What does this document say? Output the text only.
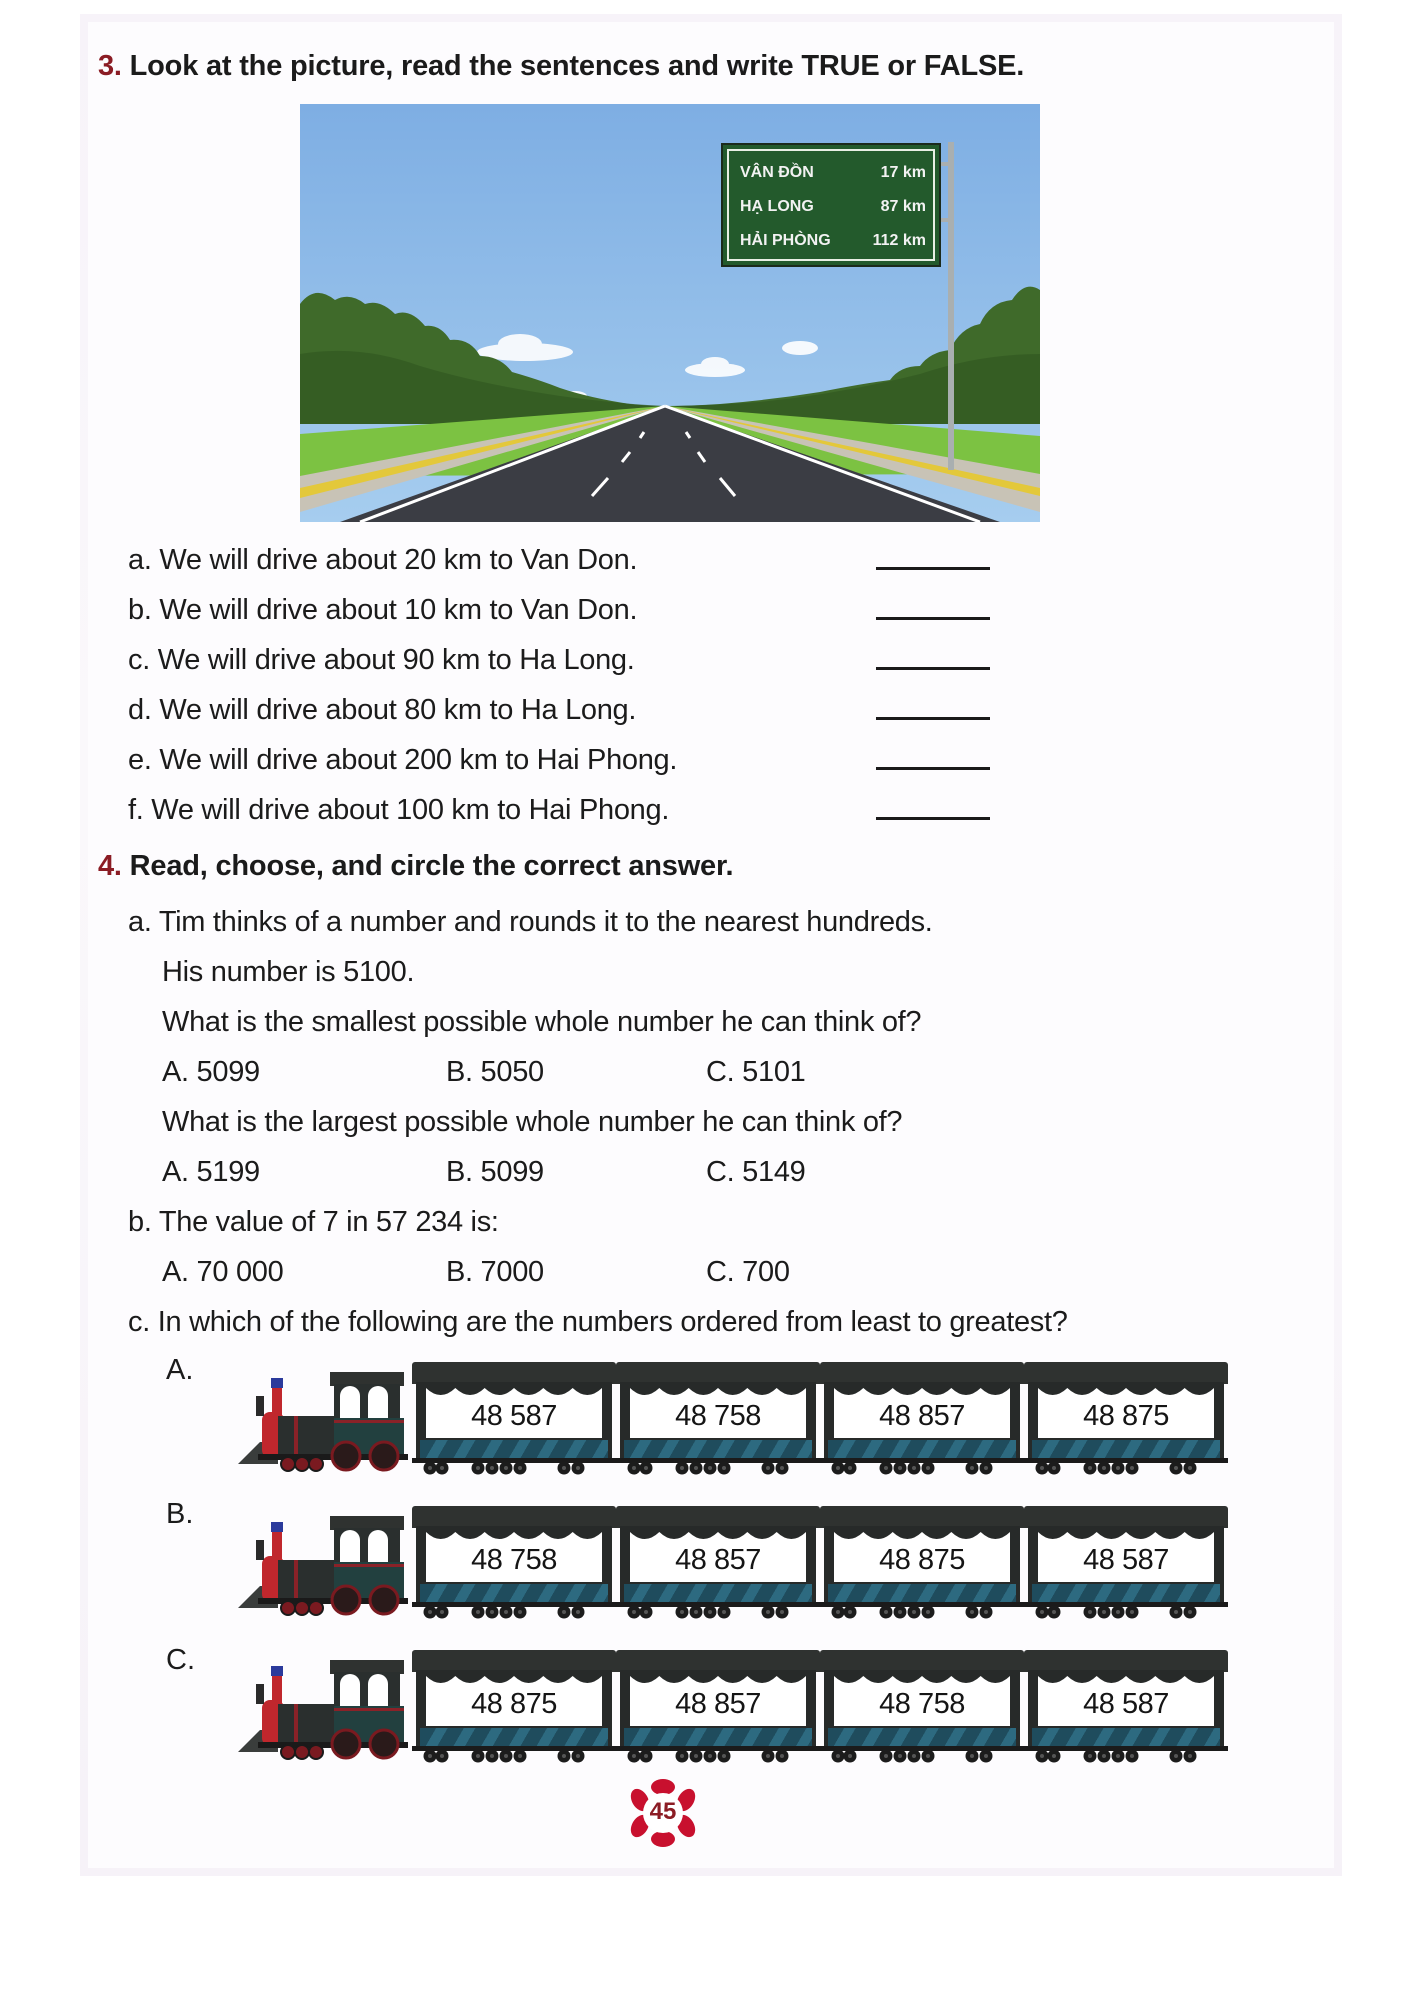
3. Look at the picture, read the sentences and write TRUE or FALSE.
VÂN ĐỒN	17 km
HẠ LONG	87 km
HẢI PHÒNG	112 km
a. We will drive about 20 km to Van Don.
b. We will drive about 10 km to Van Don.
c. We will drive about 90 km to Ha Long.
d. We will drive about 80 km to Ha Long.
e. We will drive about 200 km to Hai Phong.
f. We will drive about 100 km to Hai Phong.
4. Read, choose, and circle the correct answer.
a. Tim thinks of a number and rounds it to the nearest hundreds.
His number is 5100.
What is the smallest possible whole number he can think of?
A. 5099	B. 5050	C. 5101
What is the largest possible whole number he can think of?
A. 5199	B. 5099	C. 5149
b. The value of 7 in 57 234 is:
A. 70 000	B. 7000	C. 700
c. In which of the following are the numbers ordered from least to greatest?
A.
48 587	48 758	48 857	48 875
B.
48 758	48 857	48 875	48 587
C.
48 875	48 857	48 758	48 587
45
